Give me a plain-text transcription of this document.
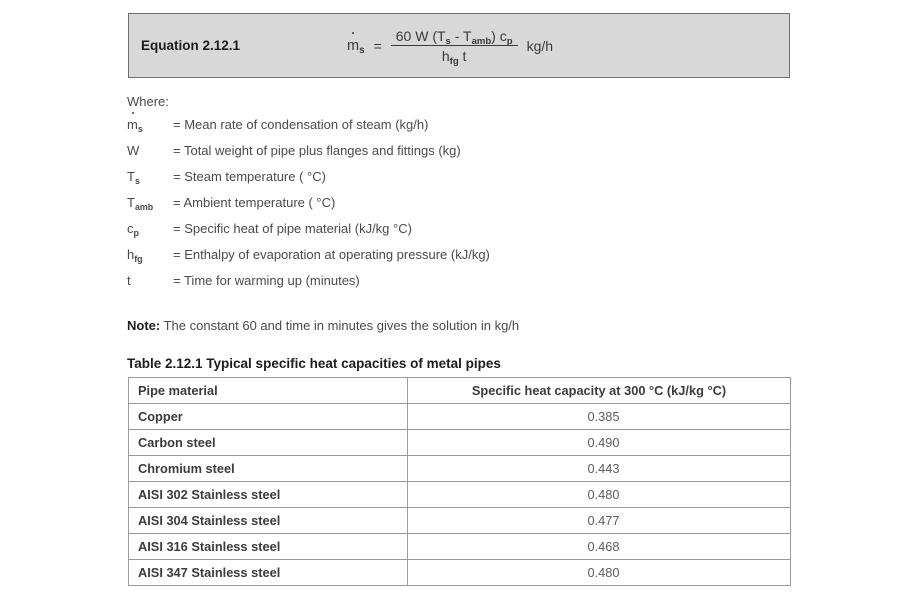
Equation 2.12.1	$m_s = \frac{60 W (T_s - T_{amb}) c_p}{h_{fg} t} kg/h$
Where:
$m_s$	= Mean rate of condensation of steam (kg/h)
W	= Total weight of pipe plus flanges and fittings (kg)
$T_s$	= Steam temperature ( °C)
$T_{amb}$	= Ambient temperature ( °C)
$c_p$	= Specific heat of pipe material (kJ/kg °C)
$h_{fg}$	= Enthalpy of evaporation at operating pressure (kJ/kg)
t	= Time for warming up (minutes)
Note: The constant 60 and time in minutes gives the solution in kg/h
Table 2.12.1 Typical specific heat capacities of metal pipes
Pipe material	Specific heat capacity at 300 °C (kJ/kg °C)
Copper	0.385
Carbon steel	0.490
Chromium steel	0.443
AISI 302 Stainless steel	0.480
AISI 304 Stainless steel	0.477
AISI 316 Stainless steel	0.468
AISI 347 Stainless steel	0.480
